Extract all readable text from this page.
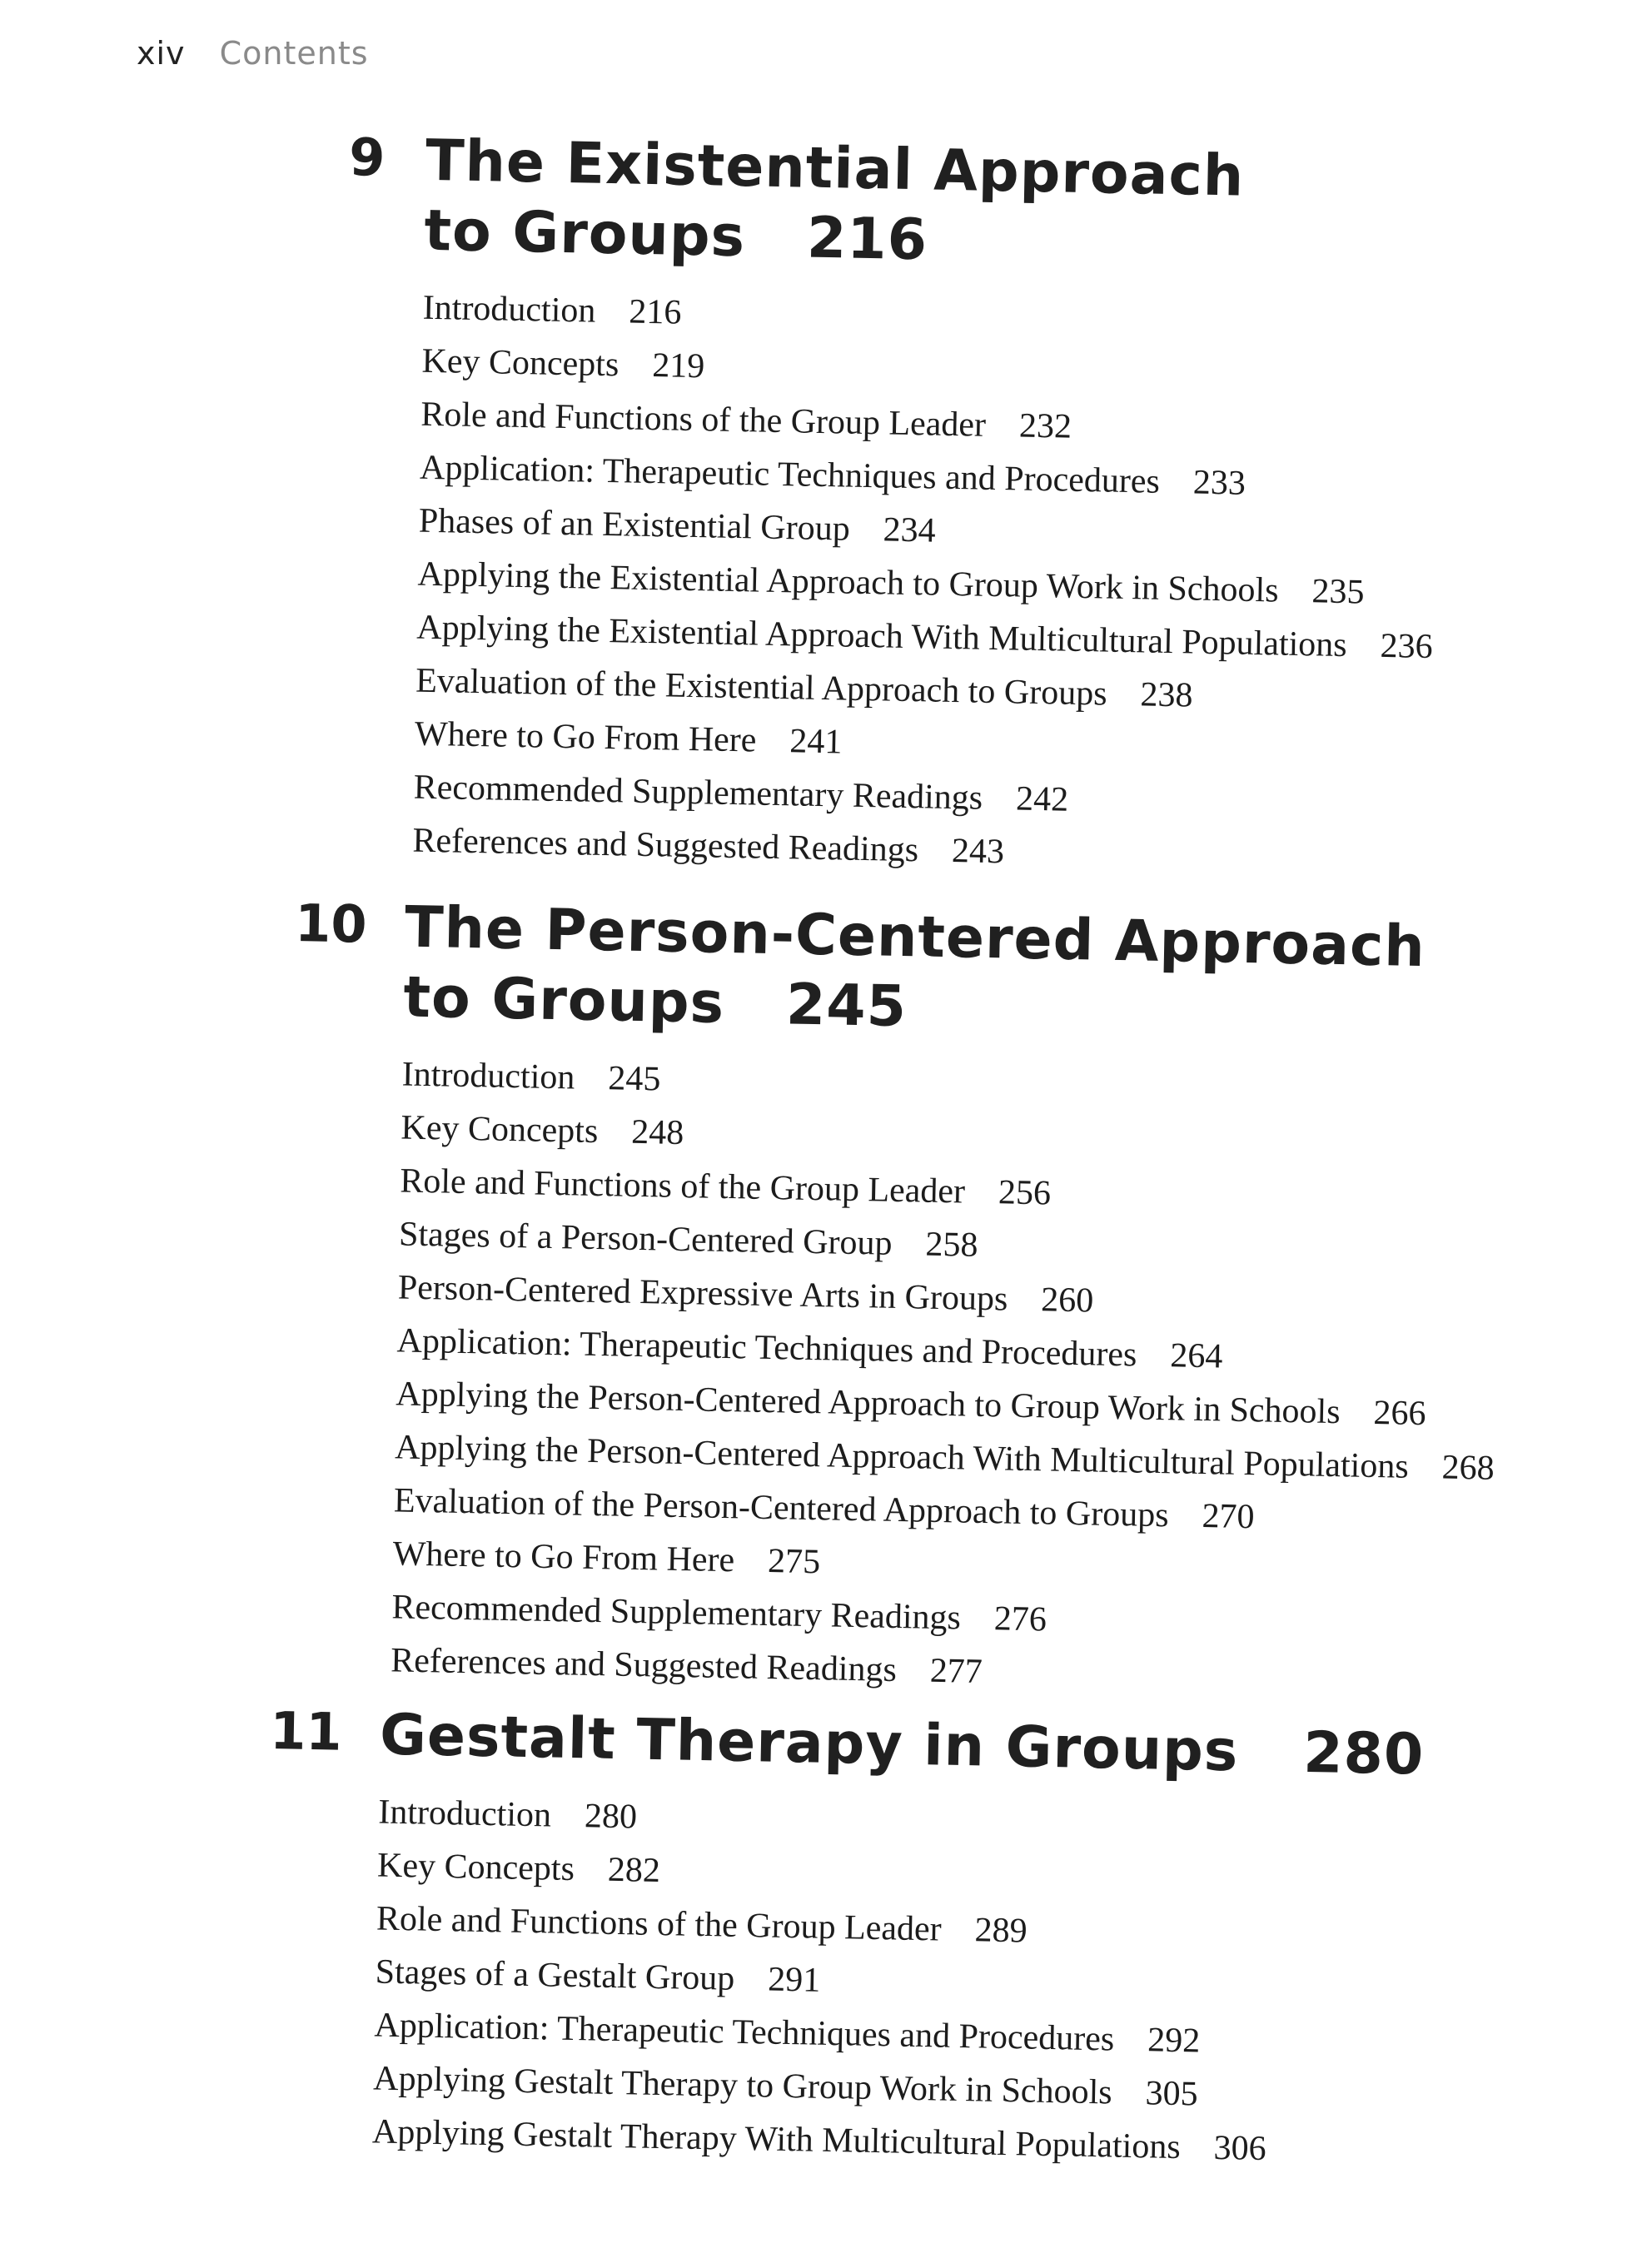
xiv Contents
9 The Existential Approach
to Groups 216
Introduction 216
Key Concepts 219
Role and Functions of the Group Leader 232
Application: Therapeutic Techniques and Procedures 233
Phases of an Existential Group 234
Applying the Existential Approach to Group Work in Schools 235
Applying the Existential Approach With Multicultural Populations 236
Evaluation of the Existential Approach to Groups 238
Where to Go From Here 241
Recommended Supplementary Readings 242
References and Suggested Readings 243
10 The Person-Centered Approach
to Groups 245
Introduction 245
Key Concepts 248
Role and Functions of the Group Leader 256
Stages of a Person-Centered Group 258
Person-Centered Expressive Arts in Groups 260
Application: Therapeutic Techniques and Procedures 264
Applying the Person-Centered Approach to Group Work in Schools 266
Applying the Person-Centered Approach With Multicultural Populations 268
Evaluation of the Person-Centered Approach to Groups 270
Where to Go From Here 275
Recommended Supplementary Readings 276
References and Suggested Readings 277
11 Gestalt Therapy in Groups 280
Introduction 280
Key Concepts 282
Role and Functions of the Group Leader 289
Stages of a Gestalt Group 291
Application: Therapeutic Techniques and Procedures 292
Applying Gestalt Therapy to Group Work in Schools 305
Applying Gestalt Therapy With Multicultural Populations 306
